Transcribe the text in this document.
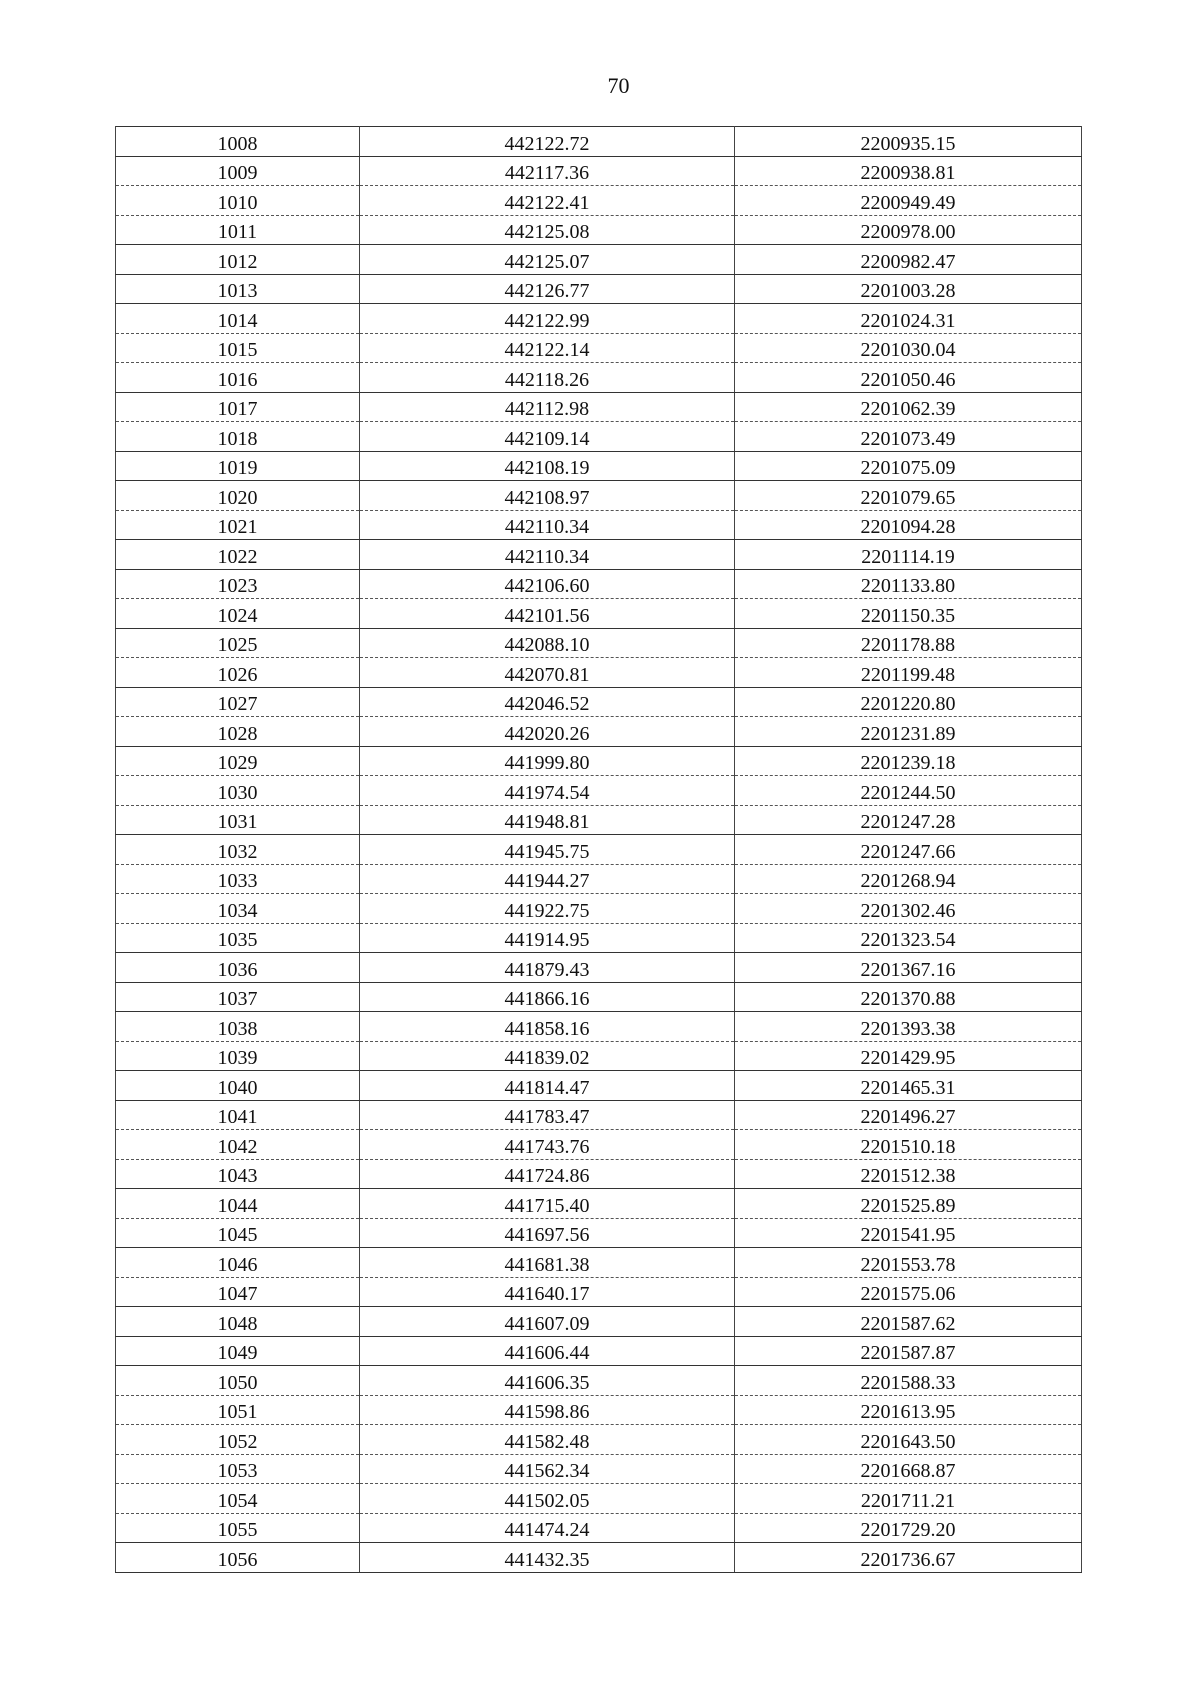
70
1008	442122.72	2200935.15
1009	442117.36	2200938.81
1010	442122.41	2200949.49
1011	442125.08	2200978.00
1012	442125.07	2200982.47
1013	442126.77	2201003.28
1014	442122.99	2201024.31
1015	442122.14	2201030.04
1016	442118.26	2201050.46
1017	442112.98	2201062.39
1018	442109.14	2201073.49
1019	442108.19	2201075.09
1020	442108.97	2201079.65
1021	442110.34	2201094.28
1022	442110.34	2201114.19
1023	442106.60	2201133.80
1024	442101.56	2201150.35
1025	442088.10	2201178.88
1026	442070.81	2201199.48
1027	442046.52	2201220.80
1028	442020.26	2201231.89
1029	441999.80	2201239.18
1030	441974.54	2201244.50
1031	441948.81	2201247.28
1032	441945.75	2201247.66
1033	441944.27	2201268.94
1034	441922.75	2201302.46
1035	441914.95	2201323.54
1036	441879.43	2201367.16
1037	441866.16	2201370.88
1038	441858.16	2201393.38
1039	441839.02	2201429.95
1040	441814.47	2201465.31
1041	441783.47	2201496.27
1042	441743.76	2201510.18
1043	441724.86	2201512.38
1044	441715.40	2201525.89
1045	441697.56	2201541.95
1046	441681.38	2201553.78
1047	441640.17	2201575.06
1048	441607.09	2201587.62
1049	441606.44	2201587.87
1050	441606.35	2201588.33
1051	441598.86	2201613.95
1052	441582.48	2201643.50
1053	441562.34	2201668.87
1054	441502.05	2201711.21
1055	441474.24	2201729.20
1056	441432.35	2201736.67
